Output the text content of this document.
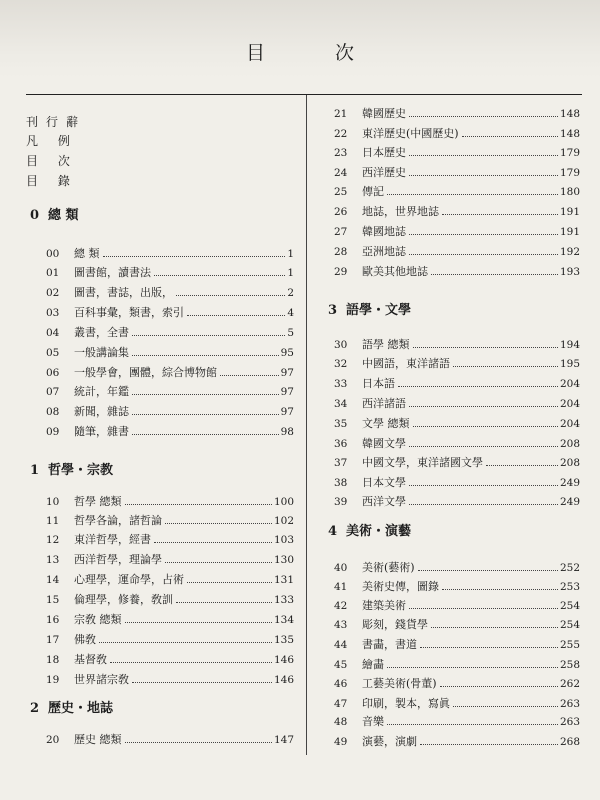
目	次
刊行辭
凡 例
目 次
目 錄
0 總 類
00	總 類	1
01	圖書館，讀書法	1
02	圖書，書誌，出版，	2
03	百科事彙，類書，索引	4
04	叢書，全書	5
05	一般講論集	95
06	一般學會，團體，綜合博物館	97
07	統計，年鑑	97
08	新聞，雜誌	97
09	隨筆，雜書	98
1 哲學・宗教
10	哲學 總類	100
11	哲學各論，諸哲論	102
12	東洋哲學，經書	103
13	西洋哲學，理論學	130
14	心理學，運命學，占術	131
15	倫理學，修養，敎訓	133
16	宗敎 總類	134
17	佛敎	135
18	基督敎	146
19	世界諸宗敎	146
2 歷史・地誌
20	歷史 總類	147
21	韓國歷史	148
22	東洋歷史(中國歷史)	148
23	日本歷史	179
24	西洋歷史	179
25	傳記	180
26	地誌，世界地誌	191
27	韓國地誌	191
28	亞洲地誌	192
29	歐美其他地誌	193
3 語學・文學
30	語學 總類	194
32	中國語，東洋諸語	195
33	日本語	204
34	西洋諸語	204
35	文學 總類	204
36	韓國文學	208
37	中國文學，東洋諸國文學	208
38	日本文學	249
39	西洋文學	249
4 美術・演藝
40	美術(藝術)	252
41	美術史傳，圖錄	253
42	建築美術	254
43	彫刻，錢貨學	254
44	書畵，書道	255
45	繪畵	258
46	工藝美術(骨董)	262
47	印刷，製本，寫眞	263
48	音樂	263
49	演藝，演劇	268
